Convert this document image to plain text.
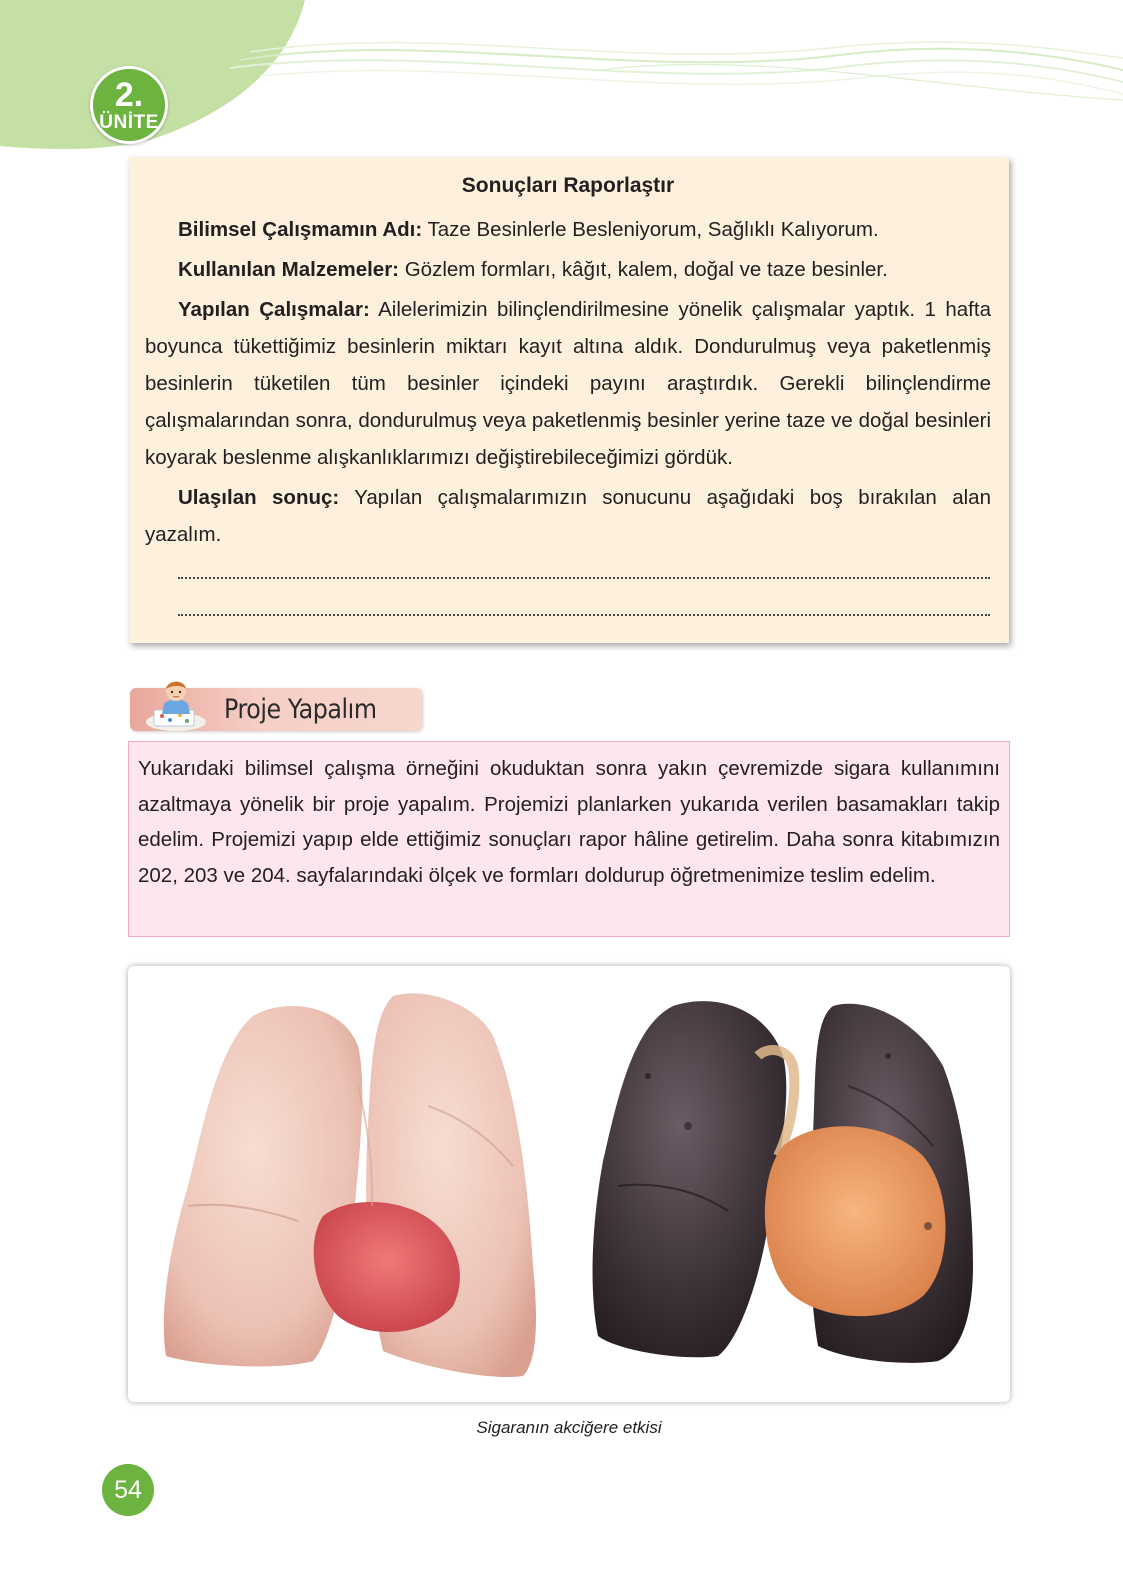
2.
ÜNİTE
Sonuçları Raporlaştır

Bilimsel Çalışmamın Adı: Taze Besinlerle Besleniyorum, Sağlıklı Kalıyorum.

Kullanılan Malzemeler: Gözlem formları, kâğıt, kalem, doğal ve taze besinler.

Yapılan Çalışmalar: Ailelerimizin bilinçlendirilmesine yönelik çalışmalar yaptık. 1 hafta boyunca tükettiğimiz besinlerin miktarı kayıt altına aldık. Dondurulmuş veya paketlenmiş besinlerin tüketilen tüm besinler içindeki payını araştırdık. Gerekli bilinçlendirme çalışmalarından sonra, dondurulmuş veya paketlenmiş besinler yerine taze ve doğal besinleri koyarak beslenme alışkanlıklarımızı değiştirebileceğimizi gördük.

Ulaşılan sonuç: Yapılan çalışmalarımızın sonucunu aşağıdaki boş bırakılan alan yazalım.

Proje Yapalım

Yukarıdaki bilimsel çalışma örneğini okuduktan sonra yakın çevremizde sigara kullanımını azaltmaya yönelik bir proje yapalım. Projemizi planlarken yukarıda verilen basamakları takip edelim. Projemizi yapıp elde ettiğimiz sonuçları rapor hâline getirelim. Daha sonra kitabımızın 202, 203 ve 204. sayfalarındaki ölçek ve formları doldurup öğretmenimize teslim edelim.

Sigaranın akciğere etkisi
54
